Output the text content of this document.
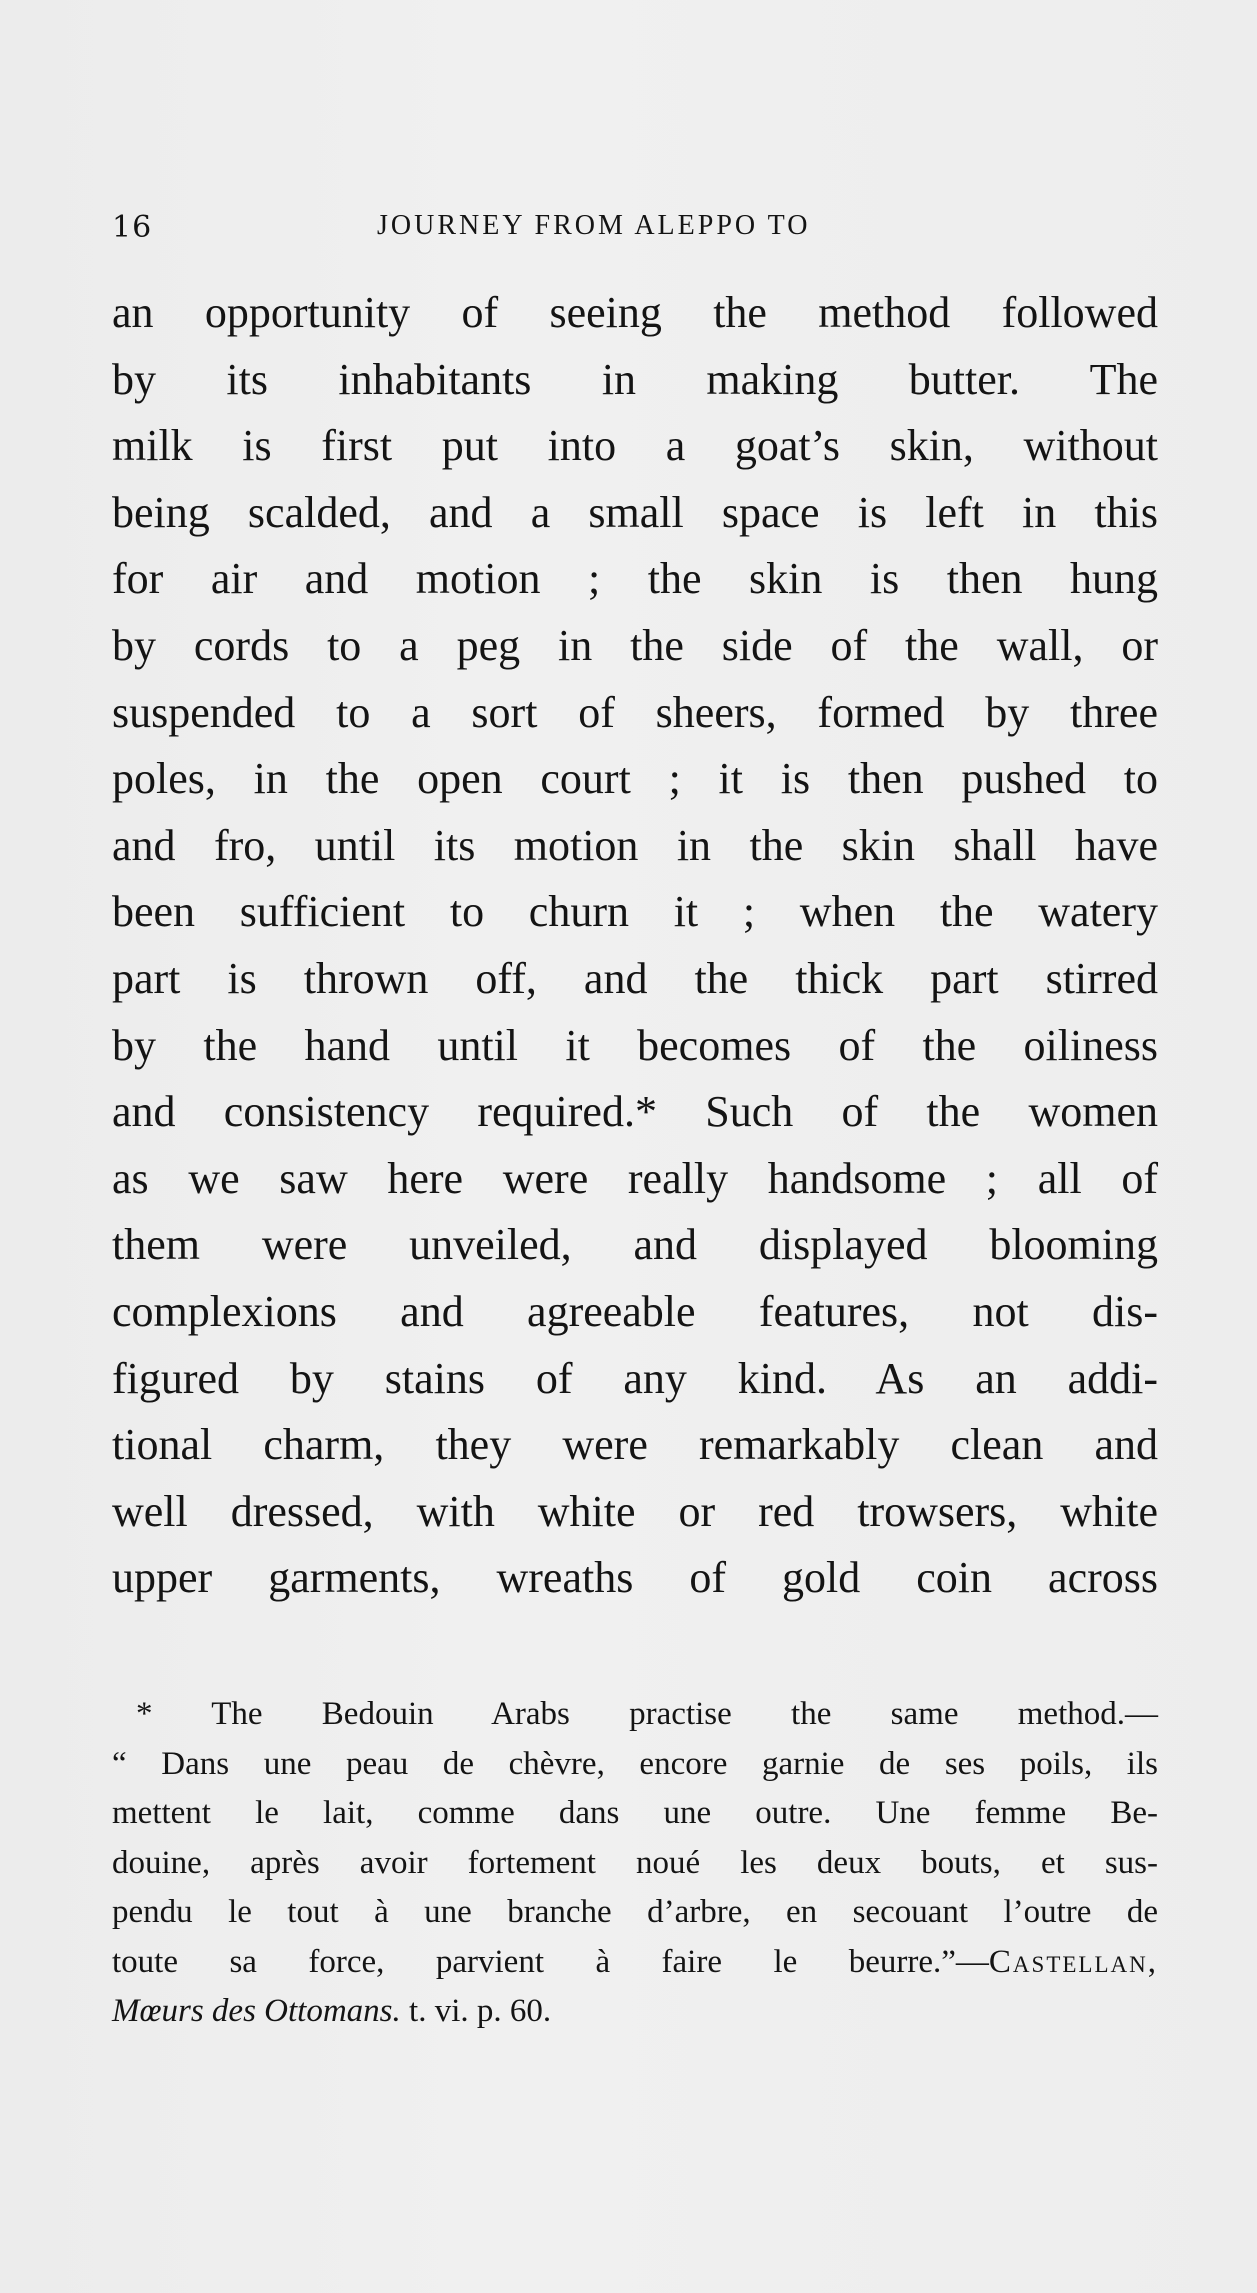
16	JOURNEY FROM ALEPPO TO
an opportunity of seeing the method followed
by its inhabitants in making butter. The
milk is first put into a goat’s skin, without
being scalded, and a small space is left in this
for air and motion ; the skin is then hung
by cords to a peg in the side of the wall, or
suspended to a sort of sheers, formed by three
poles, in the open court ; it is then pushed to
and fro, until its motion in the skin shall have
been sufficient to churn it ; when the watery
part is thrown off, and the thick part stirred
by the hand until it becomes of the oiliness
and consistency required.* Such of the women
as we saw here were really handsome ; all of
them were unveiled, and displayed blooming
complexions and agreeable features, not dis-
figured by stains of any kind. As an addi-
tional charm, they were remarkably clean and
well dressed, with white or red trowsers, white
upper garments, wreaths of gold coin across
* The Bedouin Arabs practise the same method.—
“ Dans une peau de chèvre, encore garnie de ses poils, ils
mettent le lait, comme dans une outre. Une femme Be-
douine, après avoir fortement noué les deux bouts, et sus-
pendu le tout à une branche d’arbre, en secouant l’outre de
toute sa force, parvient à faire le beurre.”—Castellan,
Mœurs des Ottomans. t. vi. p. 60.
